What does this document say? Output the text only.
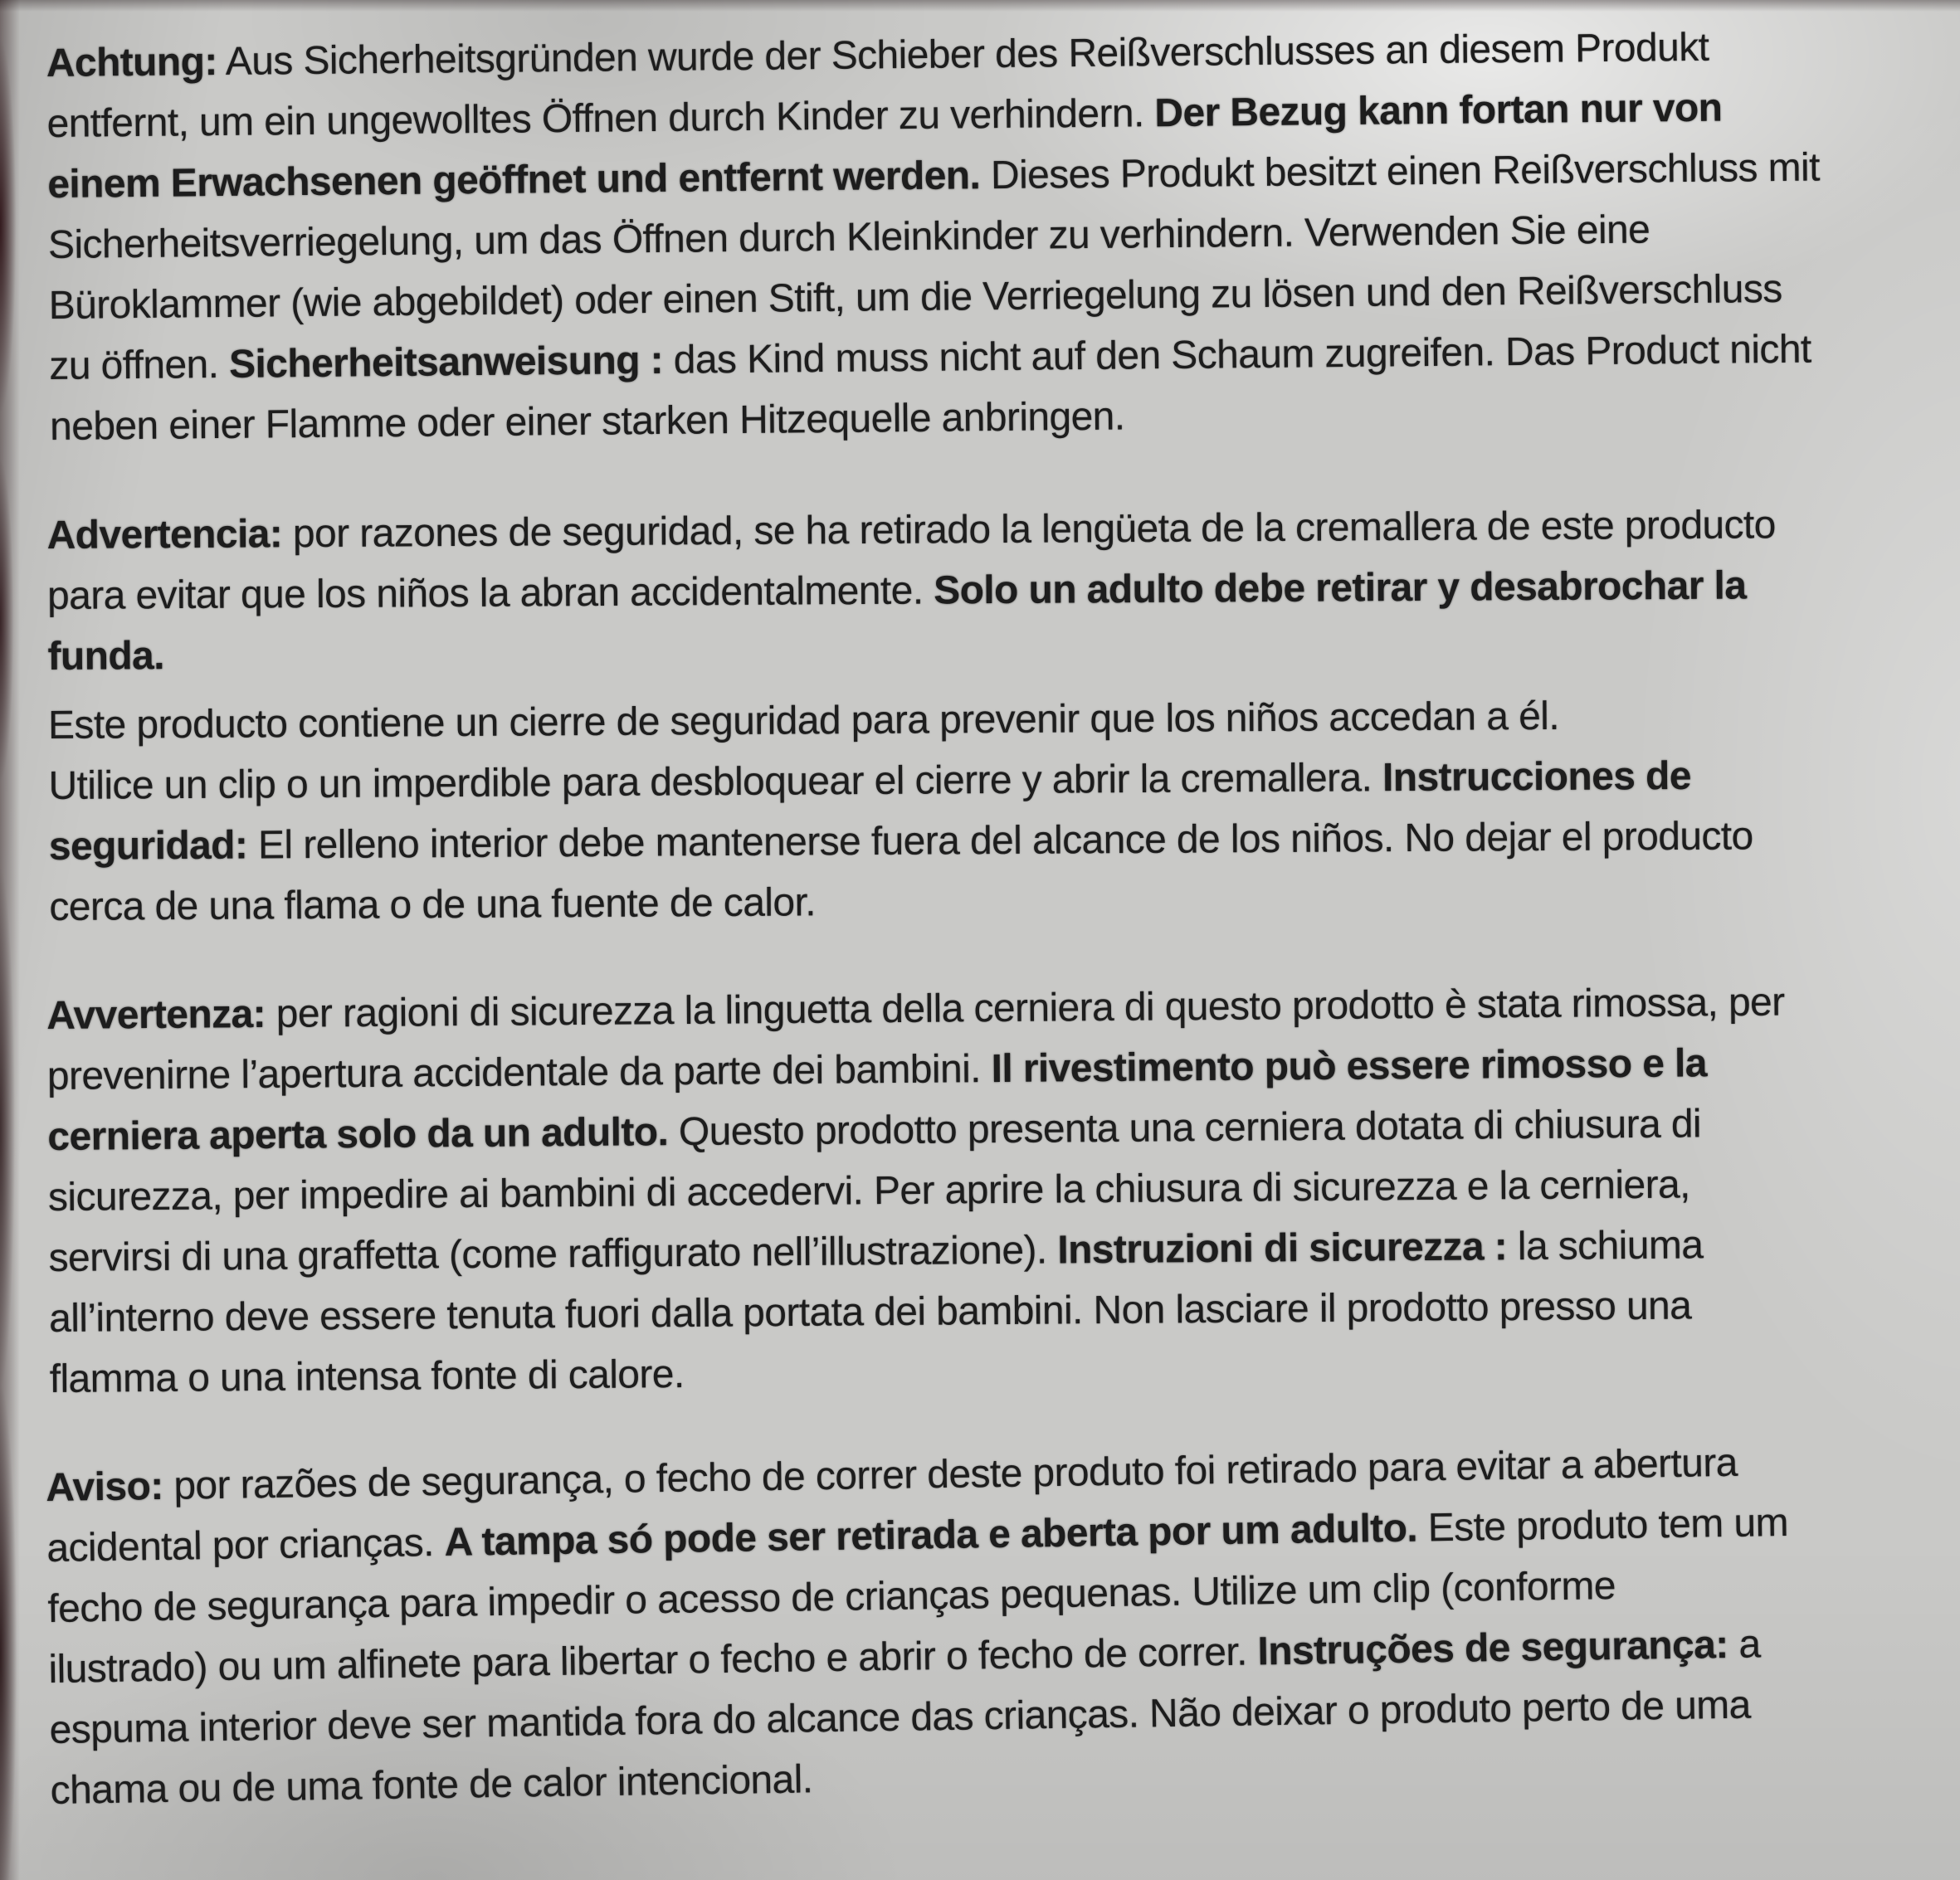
Achtung: Aus Sicherheitsgründen wurde der Schieber des Reißverschlusses an diesem Produkt
entfernt, um ein ungewolltes Öffnen durch Kinder zu verhindern. Der Bezug kann fortan nur von
einem Erwachsenen geöffnet und entfernt werden. Dieses Produkt besitzt einen Reißverschluss mit
Sicherheitsverriegelung, um das Öffnen durch Kleinkinder zu verhindern. Verwenden Sie eine
Büroklammer (wie abgebildet) oder einen Stift, um die Verriegelung zu lösen und den Reißverschluss
zu öffnen. Sicherheitsanweisung : das Kind muss nicht auf den Schaum zugreifen. Das Product nicht
neben einer Flamme oder einer starken Hitzequelle anbringen.
Advertencia: por razones de seguridad, se ha retirado la lengüeta de la cremallera de este producto
para evitar que los niños la abran accidentalmente. Solo un adulto debe retirar y desabrochar la
funda.
Este producto contiene un cierre de seguridad para prevenir que los niños accedan a él.
Utilice un clip o un imperdible para desbloquear el cierre y abrir la cremallera. Instrucciones de
seguridad: El relleno interior debe mantenerse fuera del alcance de los niños. No dejar el producto
cerca de una flama o de una fuente de calor.
Avvertenza: per ragioni di sicurezza la linguetta della cerniera di questo prodotto è stata rimossa, per
prevenirne l’apertura accidentale da parte dei bambini. Il rivestimento può essere rimosso e la
cerniera aperta solo da un adulto. Questo prodotto presenta una cerniera dotata di chiusura di
sicurezza, per impedire ai bambini di accedervi. Per aprire la chiusura di sicurezza e la cerniera,
servirsi di una graffetta (come raffigurato nell’illustrazione). Instruzioni di sicurezza : la schiuma
all’interno deve essere tenuta fuori dalla portata dei bambini. Non lasciare il prodotto presso una
flamma o una intensa fonte di calore.
Aviso: por razões de segurança, o fecho de correr deste produto foi retirado para evitar a abertura
acidental por crianças. A tampa só pode ser retirada e aberta por um adulto. Este produto tem um
fecho de segurança para impedir o acesso de crianças pequenas. Utilize um clip (conforme
ilustrado) ou um alfinete para libertar o fecho e abrir o fecho de correr. Instruções de segurança: a
espuma interior deve ser mantida fora do alcance das crianças. Não deixar o produto perto de uma
chama ou de uma fonte de calor intencional.
